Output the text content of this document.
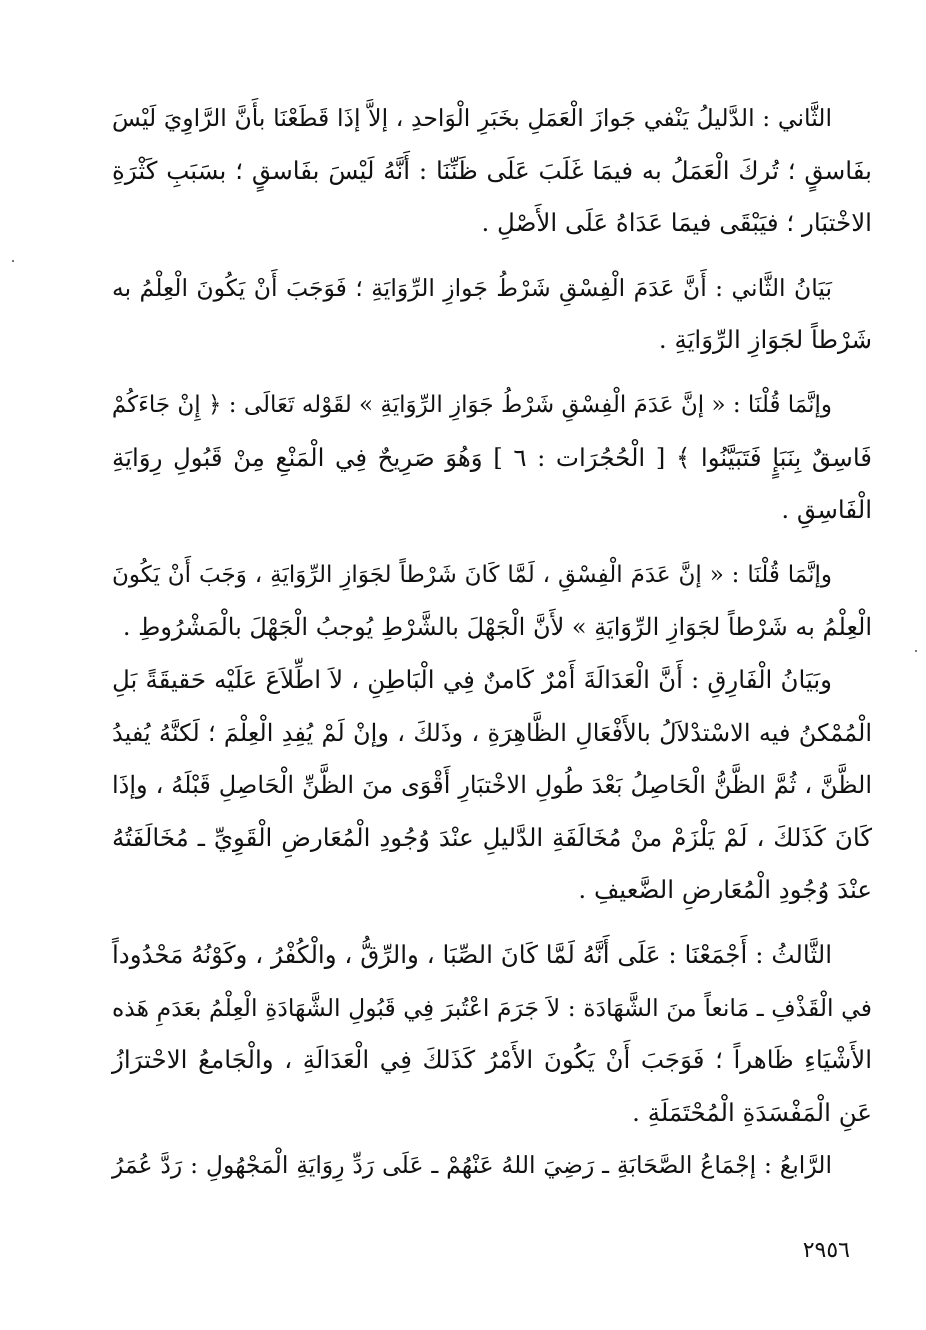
الثَّاني : الدَّليلُ يَنْفي جَوازَ الْعَمَلِ بخَبَرِ الْوَاحدِ ، إلاَّ إذَا قَطَعْنَا بأَنَّ الرَّاوِيَ لَيْسَ
بفَاسقٍ ؛ تُركَ الْعَمَلُ به فيمَا غَلَبَ عَلَى ظَنِّنَا : أَنَّهُ لَيْسَ بفَاسقٍ ؛ بسَبَبِ كَثْرَةِ
الاخْتبَار ؛ فيَبْقَى فيمَا عَدَاهُ عَلَى الأَصْلِ .

بَيَانُ الثَّاني : أَنَّ عَدَمَ الْفِسْقِ شَرْطُ جَوازِ الرِّوَايَةِ ؛ فَوَجَبَ أَنْ يَكُونَ الْعِلْمُ به
شَرْطاً لجَوَازِ الرِّوَايَةِ .

وإنَّمَا قُلْنَا : « إنَّ عَدَمَ الْفِسْقِ شَرْطُ جَوَازِ الرِّوَايَةِ » لقَوْله تَعَالَى : ﴿ إِنْ جَاءَكُمْ
فَاسِقٌ بِنَبَإٍ فَتَبَيَّنُوا ﴾ [ الْحُجُرَات : ٦ ] وَهُوَ صَرِيحٌ فِي الْمَنْعِ مِنْ قَبُولِ رِوَايَةِ
الْفَاسِقِ .

وإنَّمَا قُلْنَا : « إنَّ عَدَمَ الْفِسْقِ ، لَمَّا كَانَ شَرْطاً لجَوَازِ الرِّوَايَةِ ، وَجَبَ أَنْ يَكُونَ
الْعِلْمُ به شَرْطاً لجَوَازِ الرِّوَايَةِ » لأَنَّ الْجَهْلَ بالشَّرْطِ يُوجبُ الْجَهْلَ بالْمَشْرُوطِ .

وبَيَانُ الْفَارِقِ : أَنَّ الْعَدَالَةَ أَمْرٌ كَامنٌ فِي الْبَاطِنِ ، لاَ اطِّلاَعَ عَلَيْه حَقيقَةً بَلِ
الْمُمْكنُ فيه الاسْتدْلاَلُ بالأَفْعَالِ الظَّاهِرَةِ ، وذَلكَ ، وإنْ لَمْ يُفِدِ الْعِلْمَ ؛ لَكنَّهُ يُفيدُ
الظَّنَّ ، ثُمَّ الظَّنُّ الْحَاصِلُ بَعْدَ طُولِ الاخْتبَارِ أَقْوَى منَ الظَّنِّ الْحَاصِلِ قَبْلَهُ ، وإذَا
كَانَ كَذَلكَ ، لَمْ يَلْزَمْ منْ مُخَالَفَةِ الدَّليلِ عنْدَ وُجُودِ الْمُعَارضِ الْقَوِيِّ ـ مُخَالَفَتُهُ
عنْدَ وُجُودِ الْمُعَارضِ الضَّعيفِ .

الثَّالثُ : أَجْمَعْنَا : عَلَى أَنَّهُ لَمَّا كَانَ الصِّبَا ، والرِّقُّ ، والْكُفْرُ ، وكَوْنُهُ مَحْدُوداً
في الْقَذْفِ ـ مَانعاً منَ الشَّهَادَة : لاَ جَرَمَ اعْتُبرَ فِي قَبُولِ الشَّهَادَةِ الْعِلْمُ بعَدَمِ هَذه
الأَشْيَاءِ ظَاهراً ؛ فَوَجَبَ أَنْ يَكُونَ الأَمْرُ كَذَلكَ فِي الْعَدَالَةِ ، والْجَامعُ الاحْترَازُ
عَنِ الْمَفْسَدَةِ الْمُحْتَمَلَةِ .

الرَّابعُ : إجْمَاعُ الصَّحَابَةِ ـ رَضِيَ اللهُ عَنْهُمْ ـ عَلَى رَدِّ رِوَايَةِ الْمَجْهُولِ : رَدَّ عُمَرُ

٢٩٥٦
